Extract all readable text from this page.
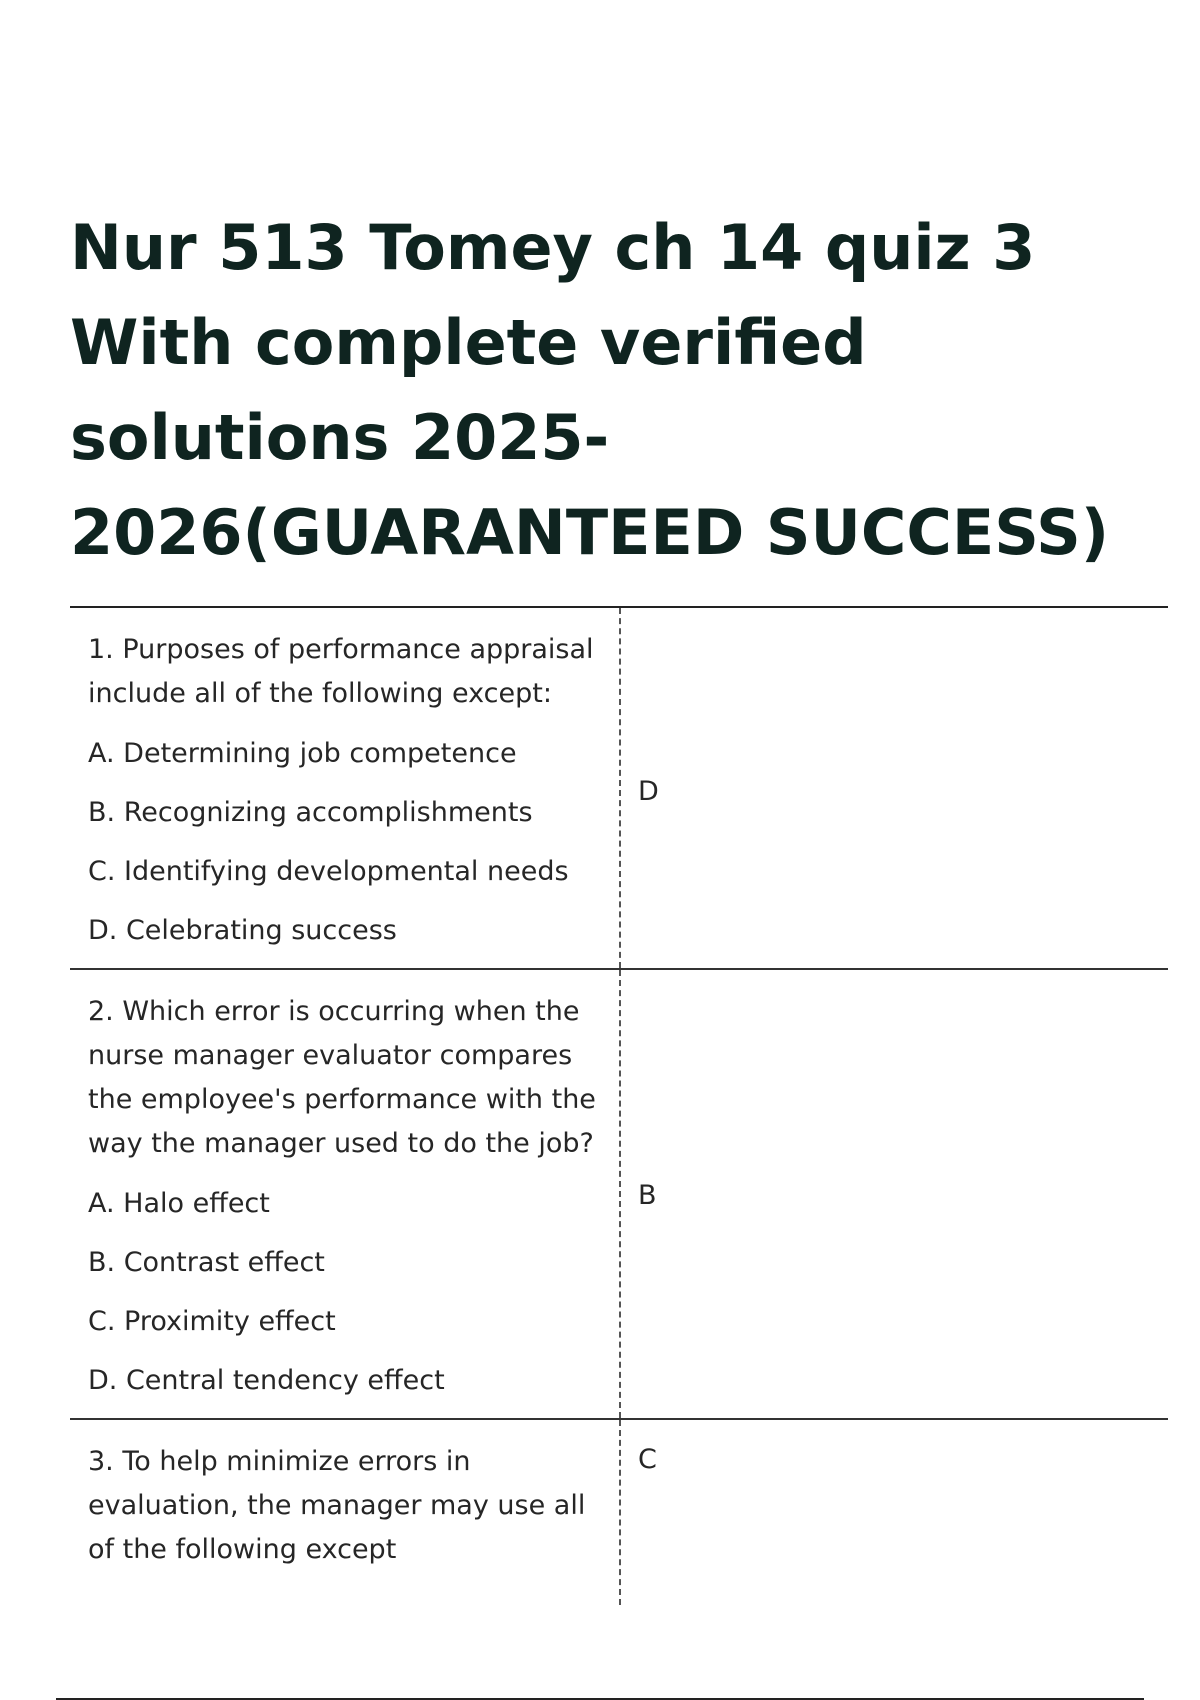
Nur 513 Tomey ch 14 quiz 3
With complete verified
solutions 2025-
2026(GUARANTEED SUCCESS)
1. Purposes of performance appraisal
include all of the following except:
A. Determining job competence
B. Recognizing accomplishments
C. Identifying developmental needs
D. Celebrating success
D
2. Which error is occurring when the
nurse manager evaluator compares
the employee's performance with the
way the manager used to do the job?
A. Halo effect
B. Contrast effect
C. Proximity effect
D. Central tendency effect
B
3. To help minimize errors in
evaluation, the manager may use all
of the following except
C
